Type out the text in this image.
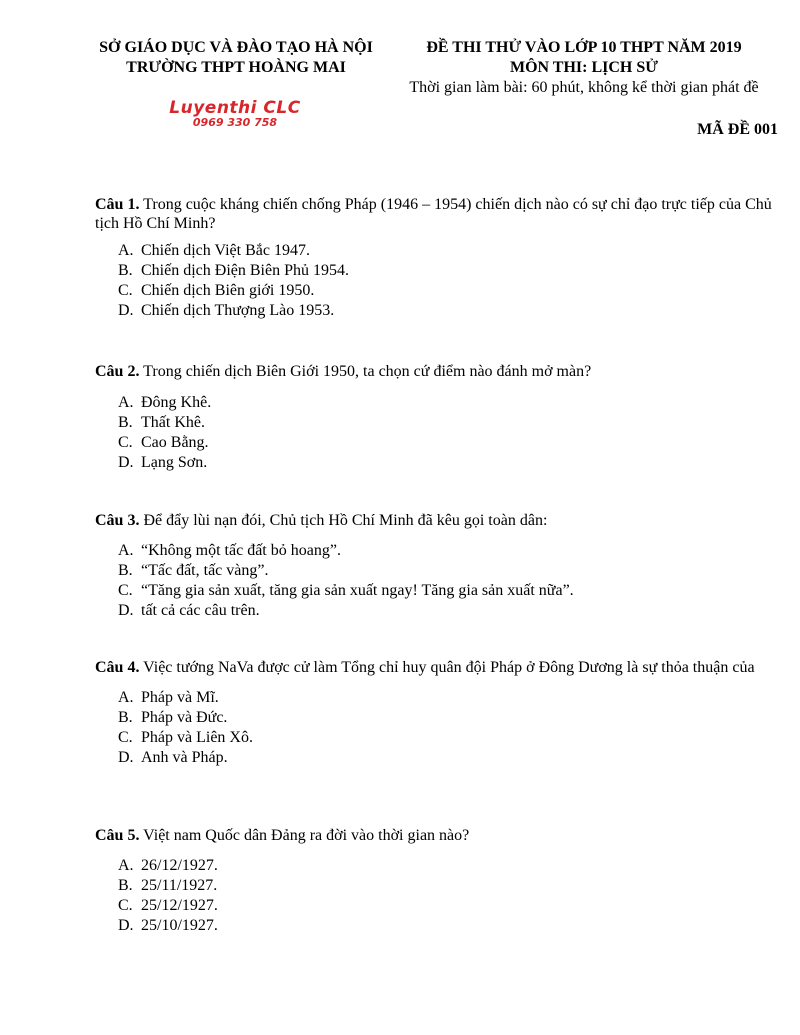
SỞ GIÁO DỤC VÀ ĐÀO TẠO HÀ NỘI
TRƯỜNG THPT HOÀNG MAI
ĐỀ THI THỬ VÀO LỚP 10 THPT NĂM 2019
MÔN THI: LỊCH SỬ
Thời gian làm bài: 60 phút, không kể thời gian phát đề
Luyenthi CLC
0969 330 758	MÃ ĐỀ 001

Câu 1. Trong cuộc kháng chiến chống Pháp (1946 – 1954) chiến dịch nào có sự chỉ đạo trực tiếp của Chủ tịch Hồ Chí Minh?

A. Chiến dịch Việt Bắc 1947.
B. Chiến dịch Điện Biên Phủ 1954.
C. Chiến dịch Biên giới 1950.
D. Chiến dịch Thượng Lào 1953.

Câu 2. Trong chiến dịch Biên Giới 1950, ta chọn cứ điểm nào đánh mở màn?

A. Đông Khê.
B. Thất Khê.
C. Cao Bằng.
D. Lạng Sơn.

Câu 3. Để đẩy lùi nạn đói, Chủ tịch Hồ Chí Minh đã kêu gọi toàn dân:

A. “Không một tấc đất bỏ hoang”.
B. “Tấc đất, tấc vàng”.
C. “Tăng gia sản xuất, tăng gia sản xuất ngay! Tăng gia sản xuất nữa”.
D. tất cả các câu trên.

Câu 4. Việc tướng NaVa được cử làm Tổng chỉ huy quân đội Pháp ở Đông Dương là sự thỏa thuận của

A. Pháp và Mĩ.
B. Pháp và Đức.
C. Pháp và Liên Xô.
D. Anh và Pháp.

Câu 5. Việt nam Quốc dân Đảng ra đời vào thời gian nào?

A. 26/12/1927.
B. 25/11/1927.
C. 25/12/1927.
D. 25/10/1927.
